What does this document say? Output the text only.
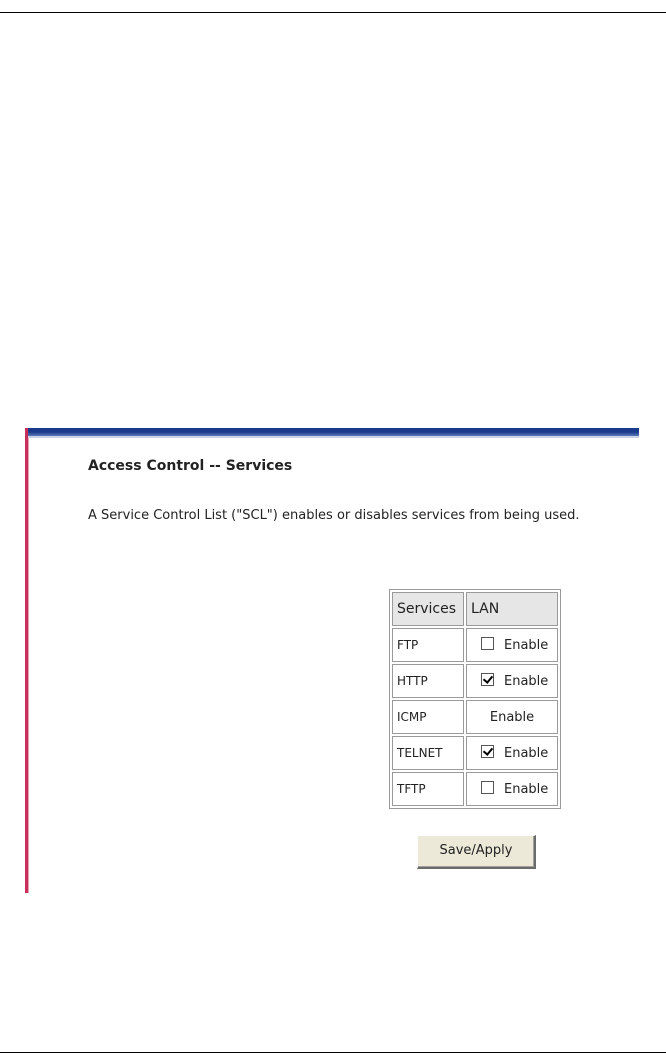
Access Control -- Services
A Service Control List ("SCL") enables or disables services from being used.
Services	LAN
FTP	Enable
HTTP	Enable
ICMP	Enable
TELNET	Enable
TFTP	Enable
Save/Apply
